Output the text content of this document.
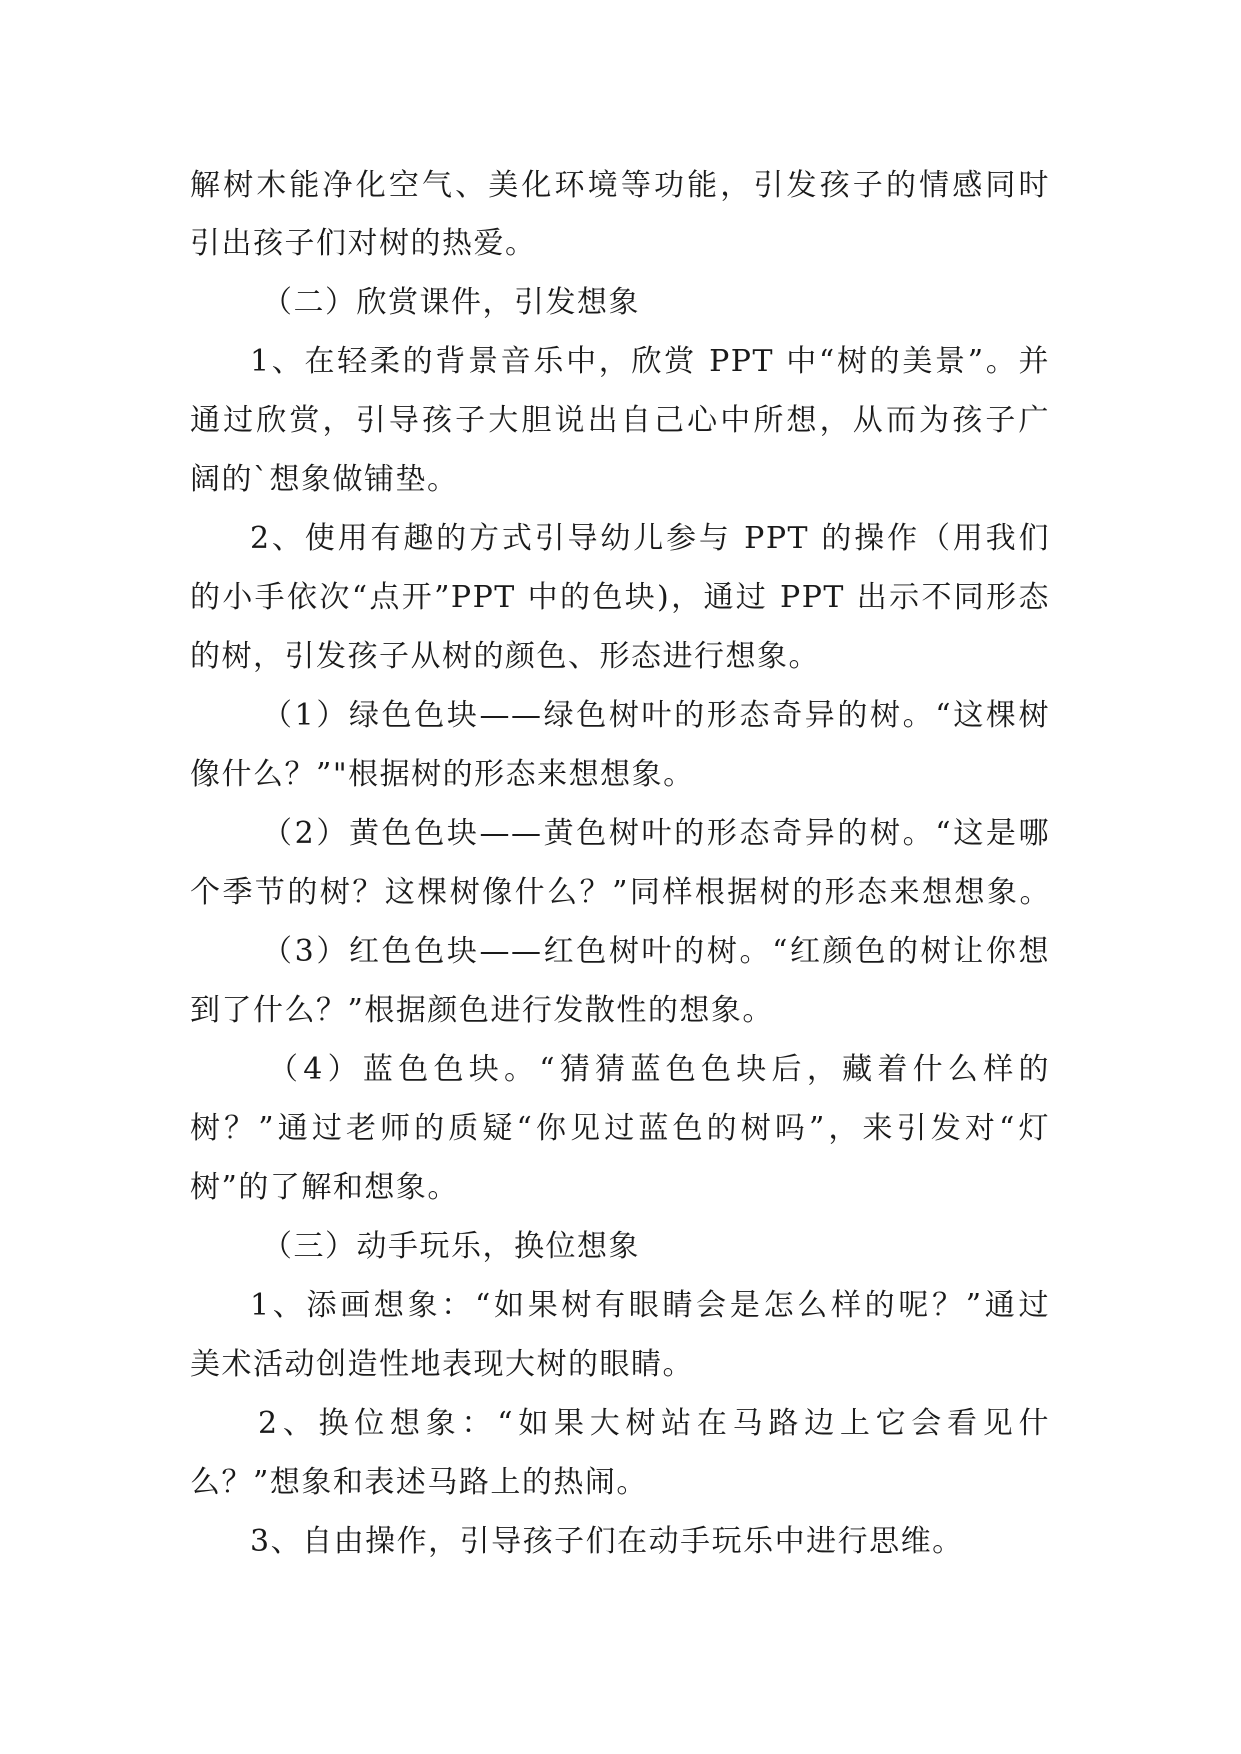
解树木能净化空气、美化环境等功能，引发孩子的情感同时
引出孩子们对树的热爱。
（二）欣赏课件，引发想象
1、在轻柔的背景音乐中，欣赏 PPT 中“树的美景”。并
通过欣赏，引导孩子大胆说出自己心中所想，从而为孩子广
阔的`想象做铺垫。
2、使用有趣的方式引导幼儿参与 PPT 的操作（用我们
的小手依次“点开”PPT 中的色块)，通过 PPT 出示不同形态
的树，引发孩子从树的颜色、形态进行想象。
（1）绿色色块——绿色树叶的形态奇异的树。“这棵树
像什么？”"根据树的形态来想想象。
（2）黄色色块——黄色树叶的形态奇异的树。“这是哪
个季节的树？这棵树像什么？”同样根据树的形态来想想象。
（3）红色色块——红色树叶的树。“红颜色的树让你想
到了什么？”根据颜色进行发散性的想象。
（4）蓝色色块。“猜猜蓝色色块后，藏着什么样的
树？”通过老师的质疑“你见过蓝色的树吗”，来引发对“灯
树”的了解和想象。
（三）动手玩乐，换位想象
1、添画想象：“如果树有眼睛会是怎么样的呢？”通过
美术活动创造性地表现大树的眼睛。
2、换位想象：“如果大树站在马路边上它会看见什
么？”想象和表述马路上的热闹。
3、自由操作，引导孩子们在动手玩乐中进行思维。
